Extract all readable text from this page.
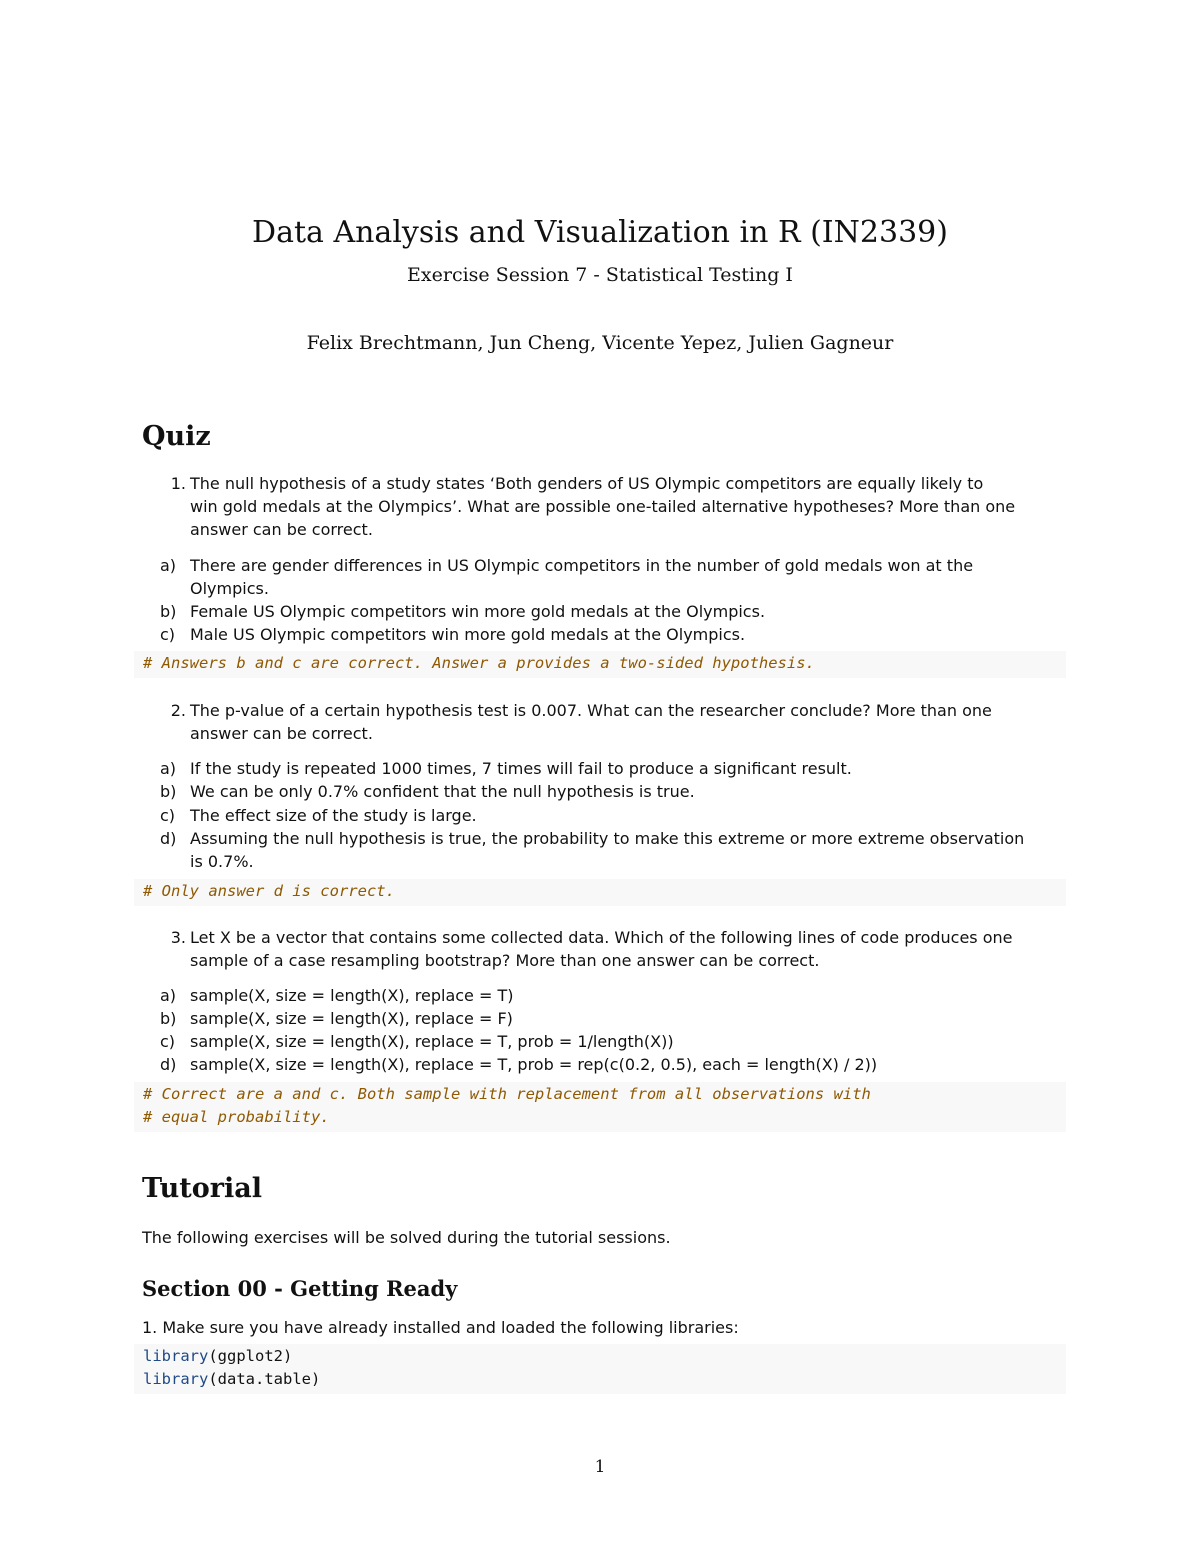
Data Analysis and Visualization in R (IN2339)
Exercise Session 7 - Statistical Testing I
Felix Brechtmann, Jun Cheng, Vicente Yepez, Julien Gagneur
Quiz
1. The null hypothesis of a study states ‘Both genders of US Olympic competitors are equally likely to
win gold medals at the Olympics’. What are possible one-tailed alternative hypotheses? More than one
answer can be correct.
a) There are gender differences in US Olympic competitors in the number of gold medals won at the
Olympics.
b) Female US Olympic competitors win more gold medals at the Olympics.
c) Male US Olympic competitors win more gold medals at the Olympics.
# Answers b and c are correct. Answer a provides a two-sided hypothesis.
2. The p-value of a certain hypothesis test is 0.007. What can the researcher conclude? More than one
answer can be correct.
a) If the study is repeated 1000 times, 7 times will fail to produce a significant result.
b) We can be only 0.7% confident that the null hypothesis is true.
c) The effect size of the study is large.
d) Assuming the null hypothesis is true, the probability to make this extreme or more extreme observation
is 0.7%.
# Only answer d is correct.
3. Let X be a vector that contains some collected data. Which of the following lines of code produces one
sample of a case resampling bootstrap? More than one answer can be correct.
a) sample(X, size = length(X), replace = T)
b) sample(X, size = length(X), replace = F)
c) sample(X, size = length(X), replace = T, prob = 1/length(X))
d) sample(X, size = length(X), replace = T, prob = rep(c(0.2, 0.5), each = length(X) / 2))
# Correct are a and c. Both sample with replacement from all observations with
# equal probability.
Tutorial
The following exercises will be solved during the tutorial sessions.
Section 00 - Getting Ready
1. Make sure you have already installed and loaded the following libraries:
library(ggplot2)
library(data.table)
1
